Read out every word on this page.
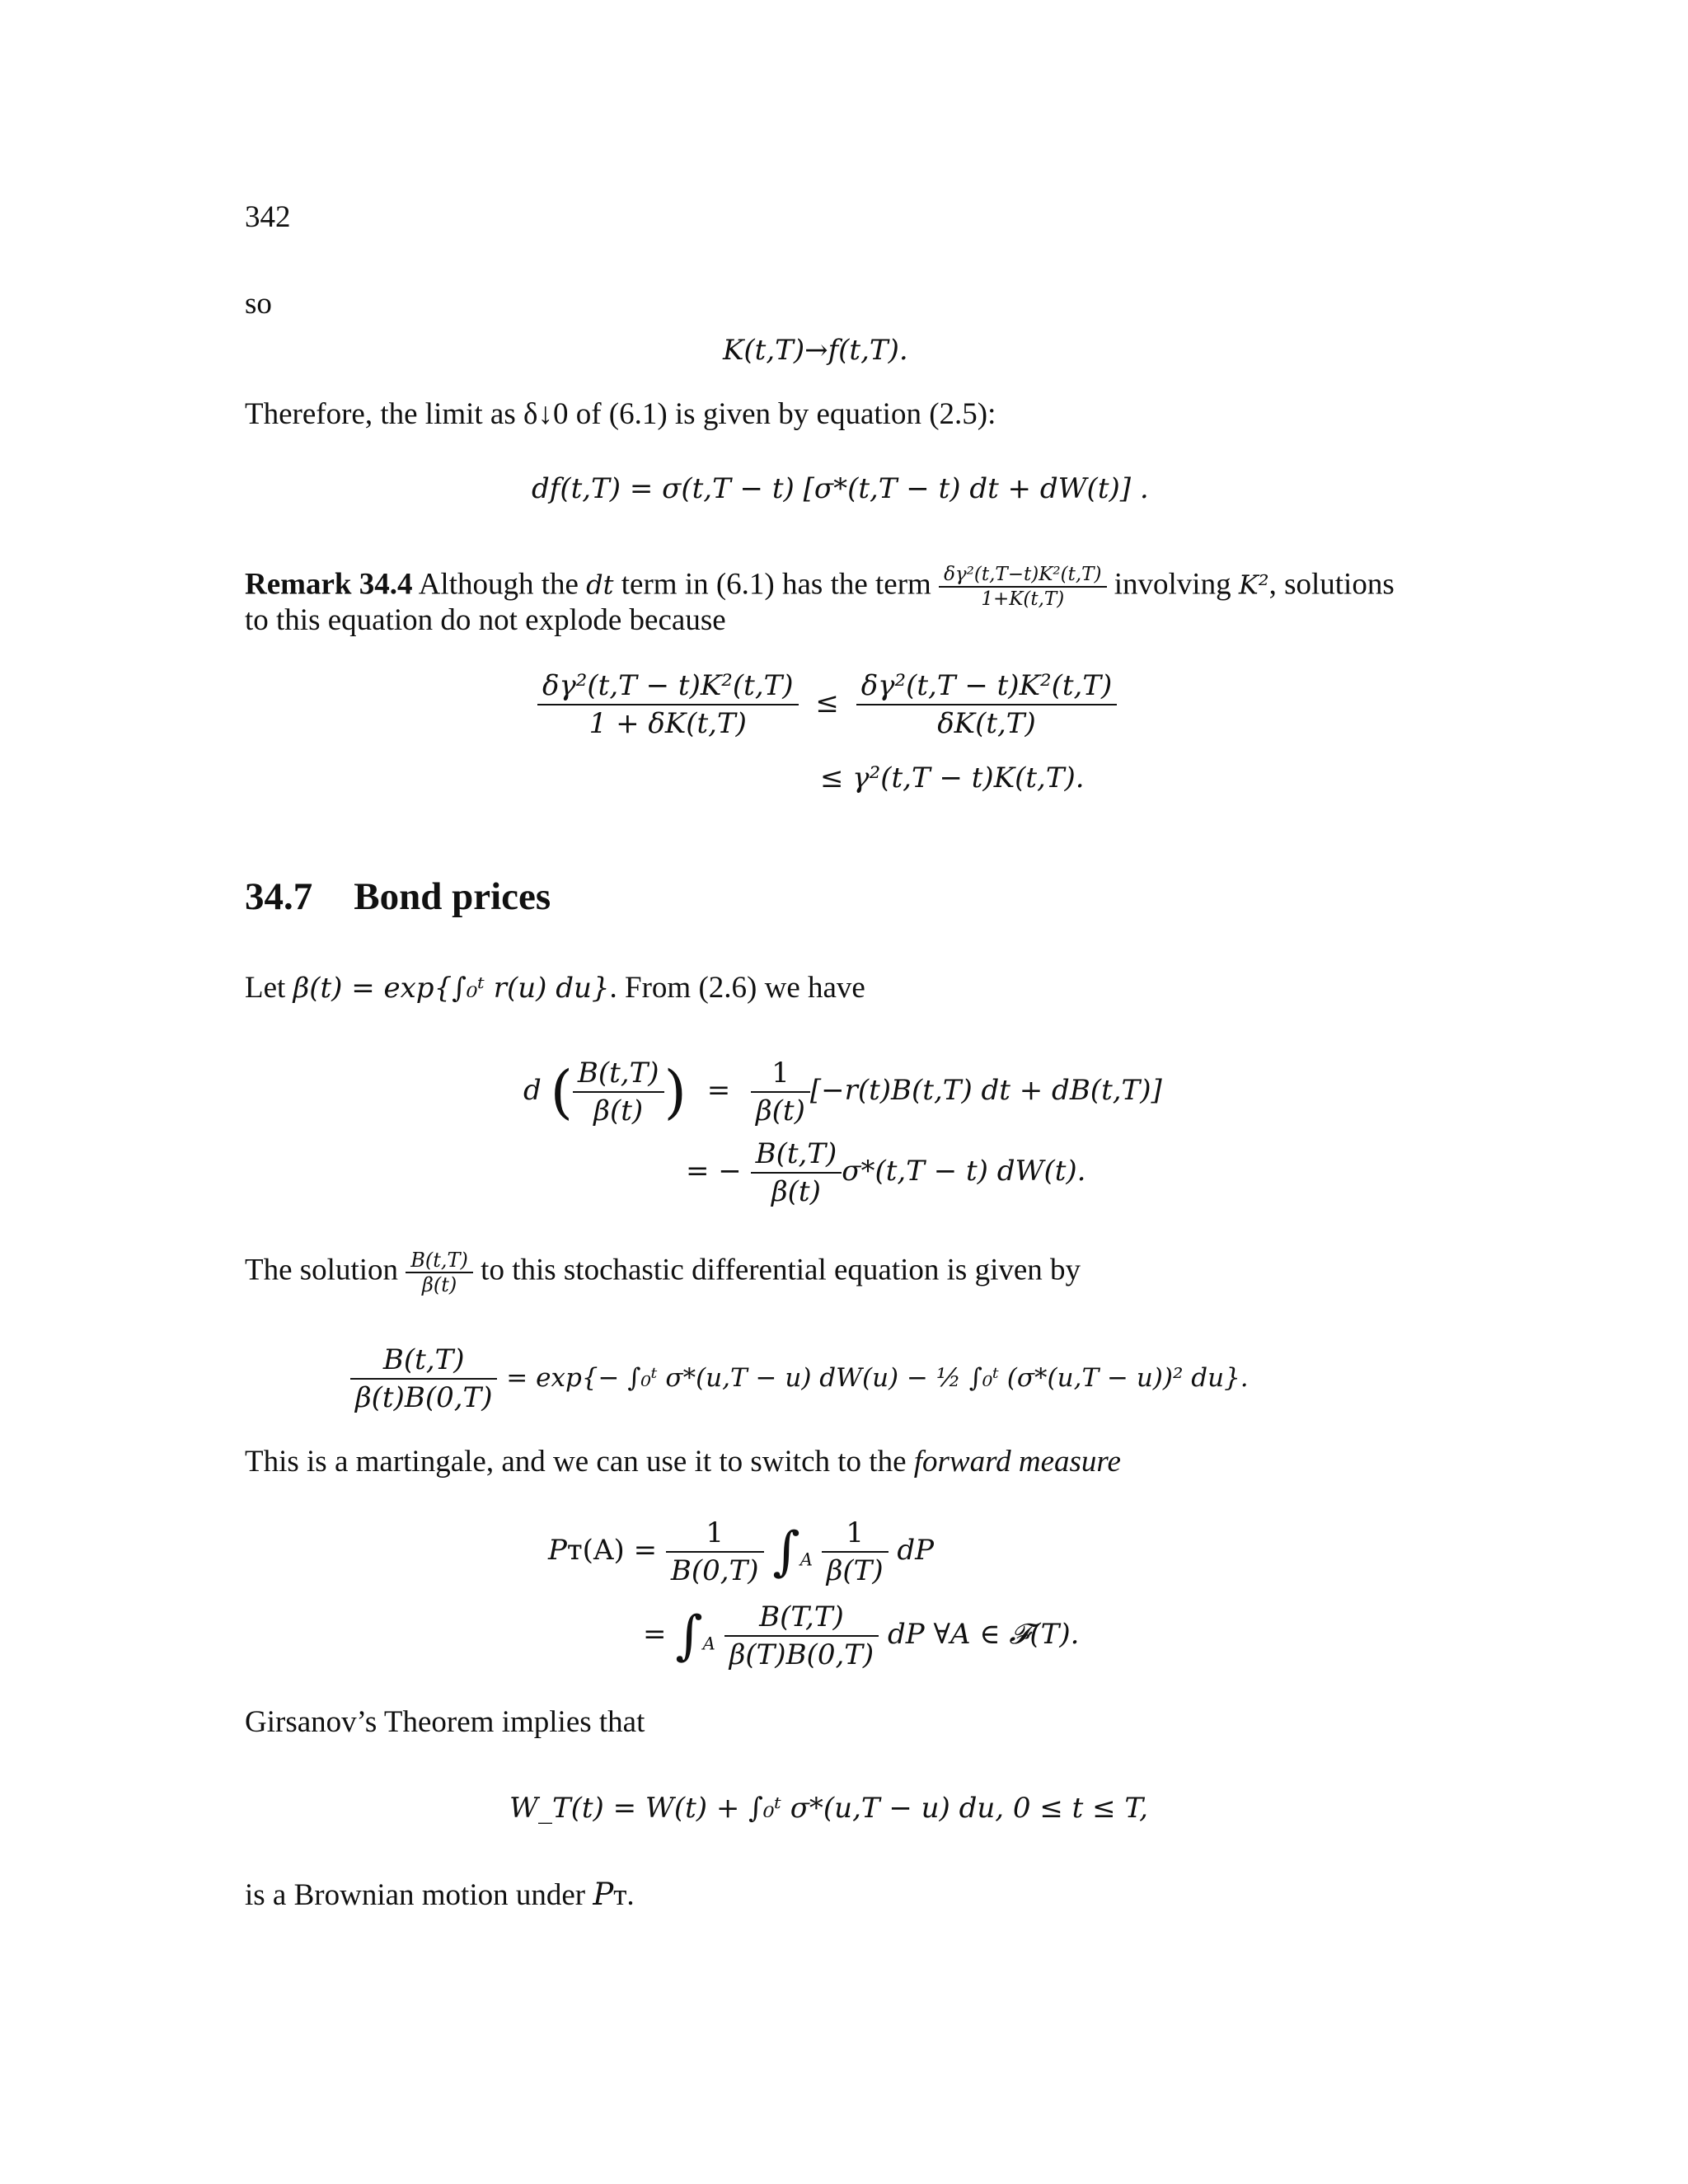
342
so
K(t,T)→f(t,T).
Therefore, the limit as δ↓0 of (6.1) is given by equation (2.5):
df(t,T) = σ(t,T − t) [σ*(t,T − t) dt + dW(t)] .
Remark 34.4 Although the dt term in (6.1) has the term $\frac{\text{δγ²(t,T−t)K²(t,T)}}{1+K(t,T)}$ involving K², solutions
to this equation do not explode because
$\frac{\text{δγ²(t,T − t)K²(t,T)}}{1 + \delta K(t,T)} \le \frac{\text{δγ²(t,T − t)K²(t,T)}}{\delta K(t,T)}$
≤ γ²(t,T − t)K(t,T).
34.7 Bond prices
Let β(t) = exp{∫₀ᵗ r(u) du}. From (2.6) we have
d ( $\frac{B(t,T)}{\beta(t)}$ ) = $\frac{1}{\beta(t)} [-r(t)B(t,T)$ dt + dB(t,T)]
= − $\frac{B(t,T)}{\beta(t)} \sigma*(t,T - t)$ dW(t).
The solution $\frac{B(t,T)}{\beta(t)}$ to this stochastic differential equation is given by
$\frac{B(t,T)}{\beta(t)B(0,T)} = \exp\{-$ ∫₀ᵗ σ*(u,T − u) dW(u) − ½ ∫₀ᵗ (σ*(u,T − u))² du}.
This is a martingale, and we can use it to switch to the forward measure
𝑃ᴛ(A) = $\frac{1}{B(0,T)} \int_A \frac{1}{\beta(T)}$ dP
= $\int_A \frac{B(T,T)}{\beta(T)B(0,T)}$ dP ∀A ∈ 𝓕(T).
Girsanov’s Theorem implies that
W_T(t) = W(t) + ∫₀ᵗ σ*(u,T − u) du, 0 ≤ t ≤ T,
is a Brownian motion under 𝑃ᴛ.
